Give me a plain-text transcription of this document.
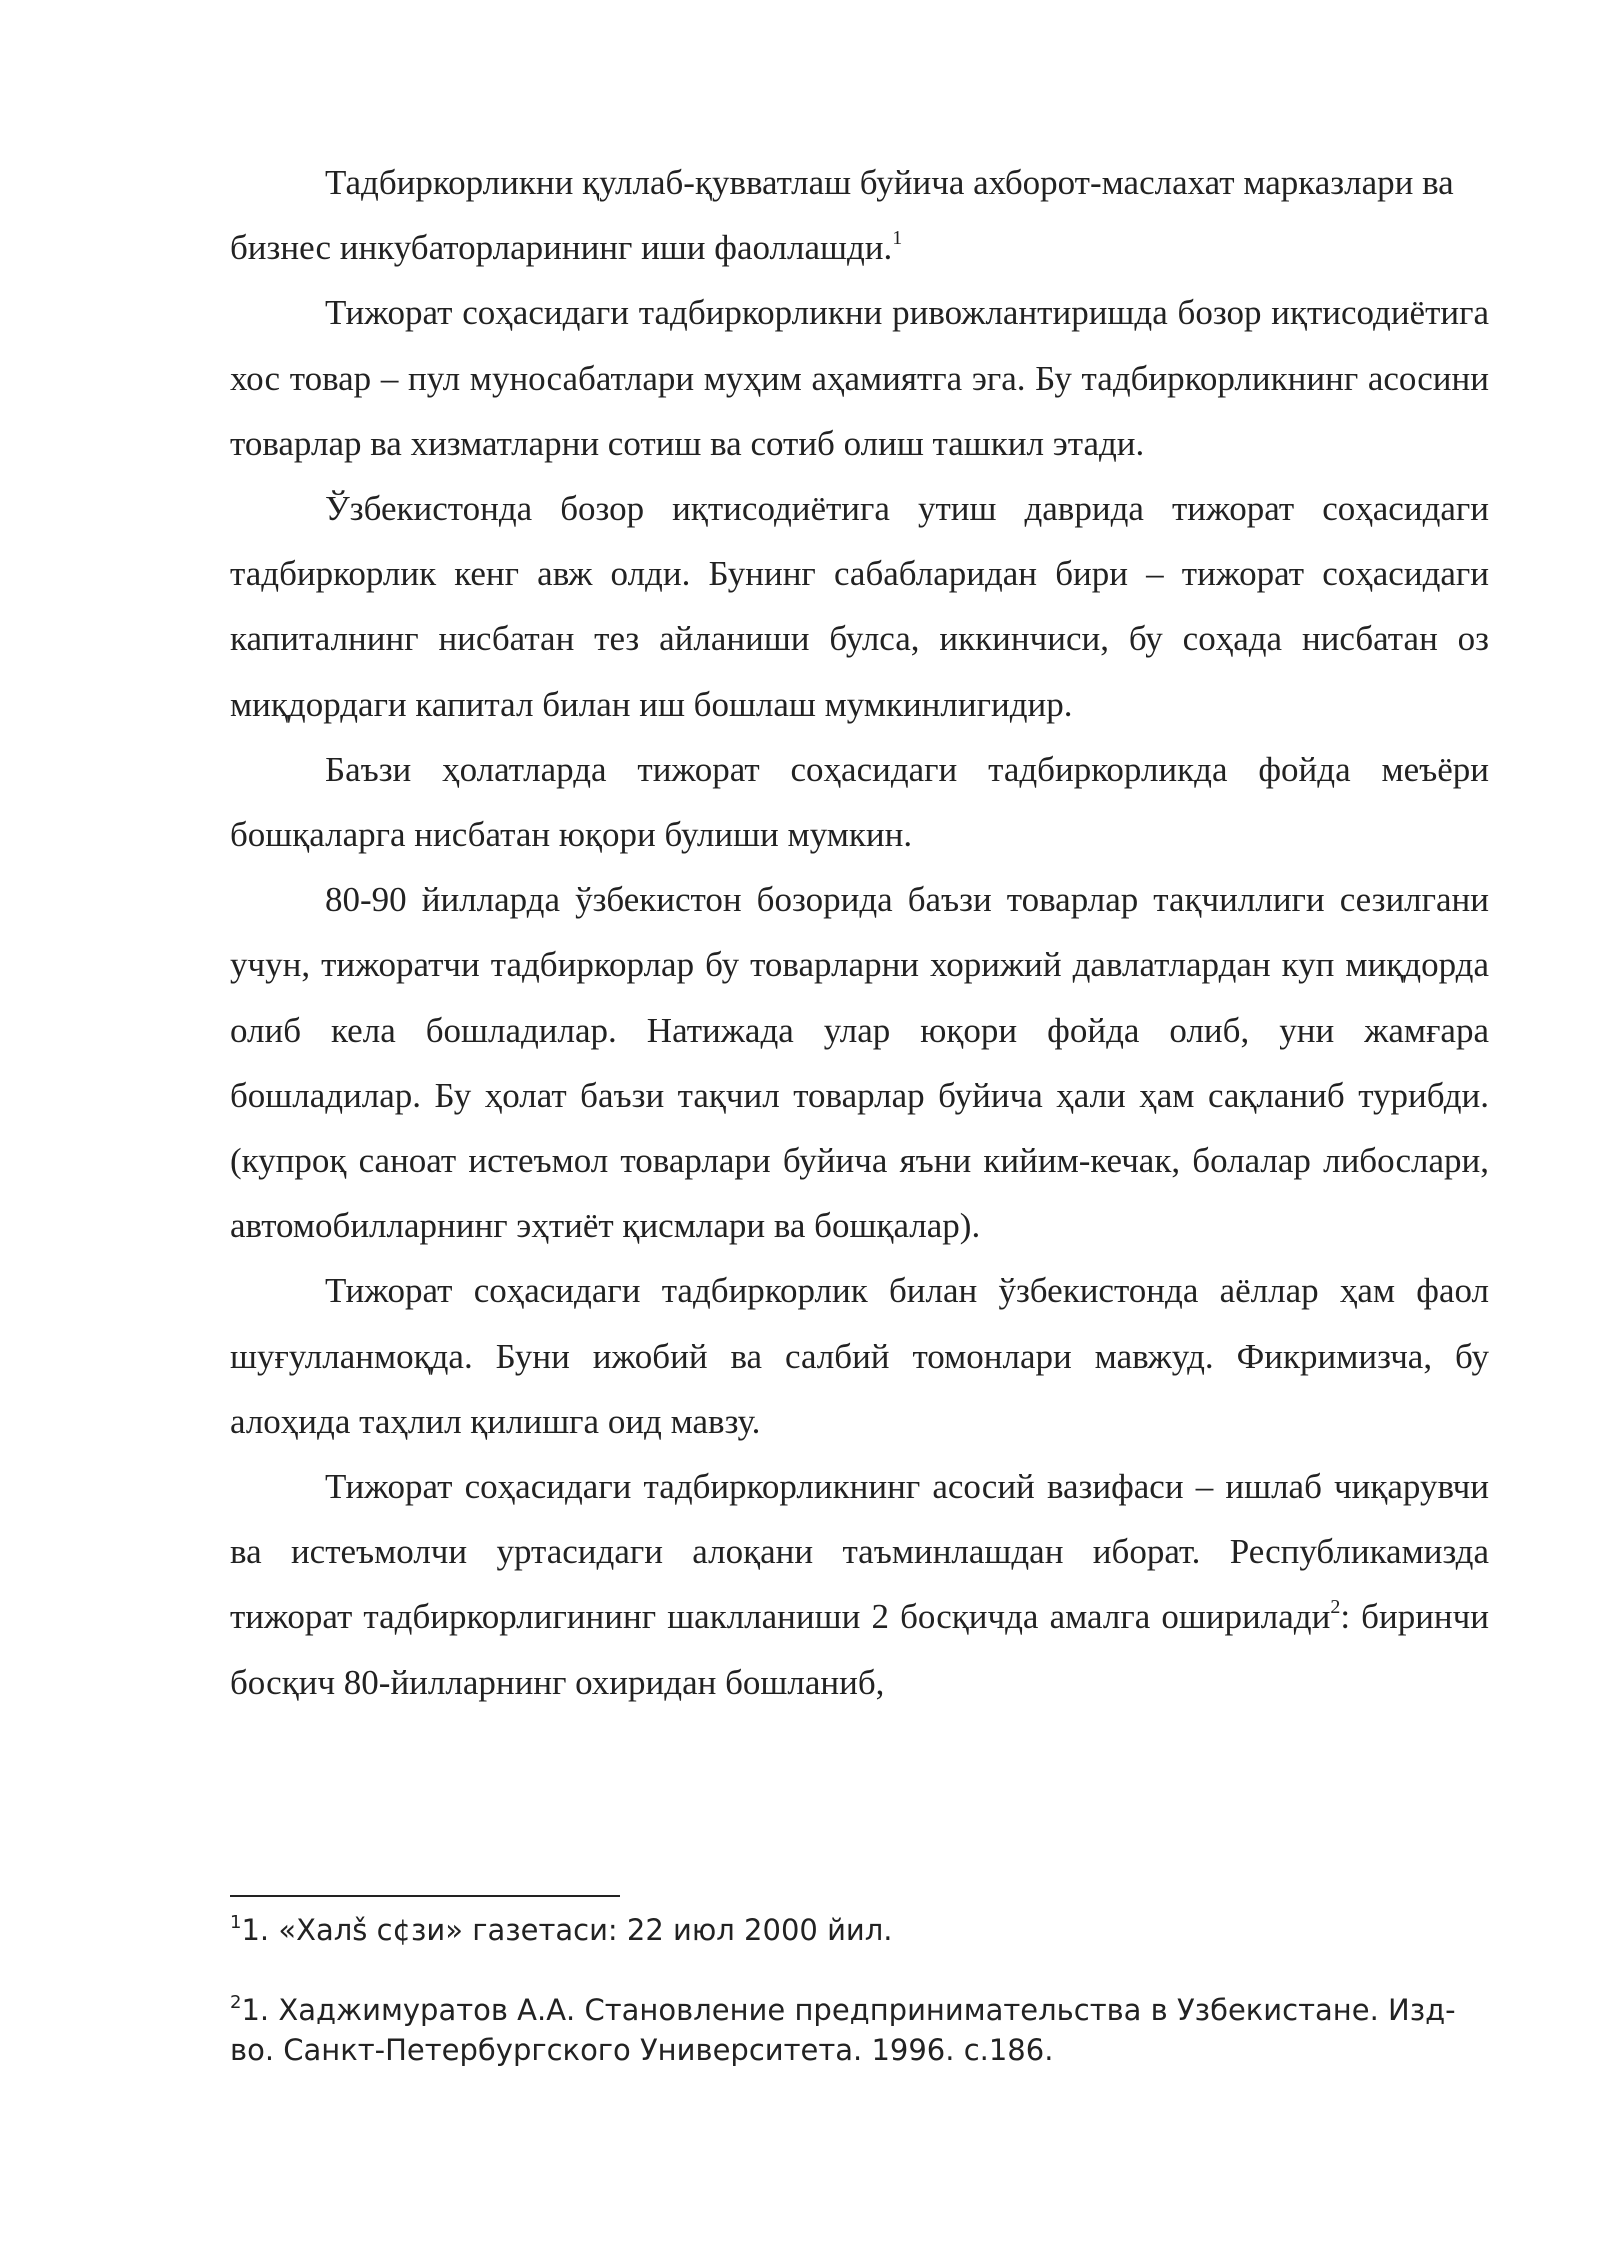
Тадбиркорликни қуллаб-қувватлаш буйича ахборот-маслахат марказлари ва бизнес инкубаторларининг иши фаоллашди.$^1$

Тижорат соҳасидаги тадбиркорликни ривожлантиришда бозор иқтисодиётига хос товар – пул муносабатлари муҳим аҳамиятга эга. Бу тадбиркорликнинг асосини товарлар ва хизматларни сотиш ва сотиб олиш ташкил этади.

Ўзбекистонда бозор иқтисодиётига утиш даврида тижорат соҳасидаги тадбиркорлик кенг авж олди. Бунинг сабабларидан бири – тижорат соҳасидаги капиталнинг нисбатан тез айланиши булса, иккинчиси, бу соҳада нисбатан оз миқдордаги капитал билан иш бошлаш мумкинлигидир.

Баъзи ҳолатларда тижорат соҳасидаги тадбиркорликда фойда меъёри бошқаларга нисбатан юқори булиши мумкин.

80-90 йилларда ўзбекистон бозорида баъзи товарлар тақчиллиги сезилгани учун, тижоратчи тадбиркорлар бу товарларни хорижий давлатлардан куп миқдорда олиб кела бошладилар. Натижада улар юқори фойда олиб, уни жамғара бошладилар. Бу ҳолат баъзи тақчил товарлар буйича ҳали ҳам сақланиб турибди. (купроқ саноат истеъмол товарлари буйича яъни кийим-кечак, болалар либослари, автомобилларнинг эҳтиёт қисмлари ва бошқалар).

Тижорат соҳасидаги тадбиркорлик билан ўзбекистонда аёллар ҳам фаол шуғулланмоқда. Буни ижобий ва салбий томонлари мавжуд. Фикримизча, бу алоҳида таҳлил қилишга оид мавзу.

Тижорат соҳасидаги тадбиркорликнинг асосий вазифаси – ишлаб чиқарувчи ва истеъмолчи уртасидаги алоқани таъминлашдан иборат. Республикамизда тижорат тадбиркорлигининг шаклланиши 2 босқичда амалга оширилади$^2$: биринчи босқич 80-йилларнинг охиридан бошланиб,

$^1$1. «Халš с¢зи» газетаси: 22 июл 2000 йил.

$^2$1. Хаджимуратов А.А. Становление предпринимательства в Узбекистане. Изд-во. Санкт-Петербургского Университета. 1996. с.186.
